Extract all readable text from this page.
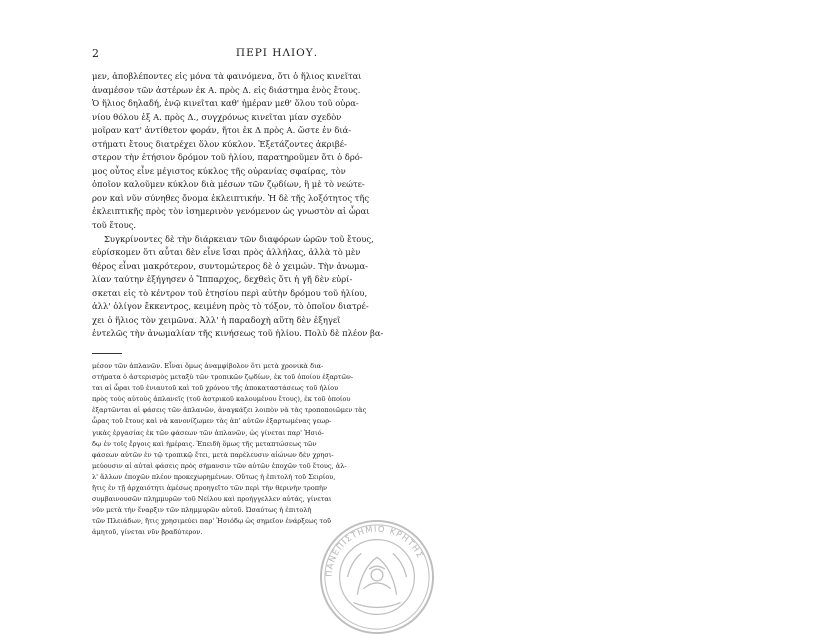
2	ΠΕΡΙ ΗΛΙΟΥ.

μεν, ἀποβλέποντες εἰς μόνα τὰ φαινόμενα, ὅτι ὁ ἥλιος κινεῖται
ἀναμέσον τῶν ἀστέρων ἐκ Α. πρὸς Δ. εἰς διάστημα ἑνὸς ἔτους.
Ὁ ἥλιος δηλαδή, ἐνῷ κινεῖται καθ' ἡμέραν μεθ' ὅλου τοῦ οὐρα-
νίου θόλου ἐξ Α. πρὸς Δ., συγχρόνως κινεῖται μίαν σχεδὸν
μοῖραν κατ' ἀντίθετον φοράν, ἤτοι ἐκ Δ πρὸς Α. ὥστε ἐν διά-
στήματι ἔτους διατρέχει ὅλον κύκλον. Ἐξετάζοντες ἀκριβέ-
στερον τὴν ἐτήσιον δρόμον τοῦ ἡλίου, παρατηροῦμεν ὅτι ὁ δρό-
μος οὗτος εἶνε μέγιστος κύκλος τῆς οὐρανίας σφαίρας, τὸν
ὁποῖον καλοῦμεν κύκλον διὰ μέσων τῶν ζῳδίων, ἢ μὲ τὸ νεώτε-
ρον καὶ νῦν σύνηθες ὄνομα ἐκλειπτικήν. Ἡ δὲ τῆς λοξότητος τῆς
ἐκλειπτικῆς πρὸς τὸν ἰσημερινὸν γενόμενον ὡς γνωστὸν αἱ ὧραι
τοῦ ἔτους.

Συγκρίνοντες δὲ τὴν διάρκειαν τῶν διαφόρων ὡρῶν τοῦ ἔτους,
εὑρίσκομεν ὅτι αὗται δὲν εἶνε ἴσαι πρὸς ἀλλήλας, ἀλλὰ τὸ μὲν
θέρος εἶναι μακρότερον, συντομώτερος δὲ ὁ χειμών. Τὴν ἀνωμα-
λίαν ταύτην ἐξήγησεν ὁ Ἵππαρχος, δεχθεὶς ὅτι ἡ γῆ δὲν εὑρί-
σκεται εἰς τὸ κέντρον τοῦ ἐτησίου περὶ αὐτὴν δρόμου τοῦ ἡλίου,
ἀλλ' ὀλίγον ἔκκεντρος, κειμένη πρὸς τὸ τόξον, τὸ ὁποῖον διατρέ-
χει ὁ ἥλιος τὸν χειμῶνα. Ἀλλ' ἡ παραδοχὴ αὕτη δὲν ἐξηγεῖ
ἐντελῶς τὴν ἀνωμαλίαν τῆς κινήσεως τοῦ ἡλίου. Πολὺ δὲ πλέον βα-

μέσον τῶν ἀπλανῶν. Εἶναι ὅμως ἀναμφίβολον ὅτι μετὰ χρονικὰ δια-
στήματα ὁ ἀστερισμὸς μεταξὺ τῶν τροπικῶν ζῳδίων, ἐκ τοῦ ὁποίου ἐξαρτῶν-
ται αἱ ὧραι τοῦ ἐνιαυτοῦ καὶ τοῦ χρόνου τῆς ἀποκαταστάσεως τοῦ ἡλίου
πρὸς τοὺς αὐτοὺς ἀπλανεῖς (τοῦ ἀστρικοῦ καλουμένου ἔτους), ἐκ τοῦ ὁποίου
ἐξαρτῶνται αἱ φάσεις τῶν ἀπλανῶν, ἀναγκάζει λοιπὸν νὰ τὰς τροποποιῶμεν τὰς
ὧρας τοῦ ἔτους καὶ νὰ κανονίζωμεν τὰς ἀπ' αὐτῶν ἐξαρτωμένας γεωρ-
γικὰς ἐργασίας ἐκ τῶν φάσεων τῶν ἀπλανῶν, ὡς γίνεται παρ' Ἡσιό-
δῳ ἐν τοῖς ἔργοις καὶ ἡμέραις. Ἐπειδὴ ὅμως τῆς μεταπτώσεως τῶν
φάσεων αὐτῶν ἐν τῷ τροπικῷ ἔτει, μετὰ παρέλευσιν αἰώνων δὲν χρησι-
μεύουσιν αἱ αὐταὶ φάσεις πρὸς σήμανσιν τῶν αὐτῶν ἐποχῶν τοῦ ἔτους, ἀλ-
λ' ἄλλων ἐποχῶν πλέον προκεχωρημένων. Οὕτως ἡ ἐπιτολὴ τοῦ Σειρίου,
ἥτις ἐν τῇ ἀρχαιότητι ἀμέσως προηγεῖτο τῶν περὶ τὴν θερινὴν τροπὴν
συμβαινουσῶν πλημμυρῶν τοῦ Νείλου καὶ προήγγελλεν αὐτάς, γίνεται
νῦν μετὰ τὴν ἔναρξιν τῶν πλημμυρῶν αὐτοῦ. Ὡσαύτως ἡ ἐπιτολὴ
τῶν Πλειάδων, ἥτις χρησιμεύει παρ' Ἡσιόδῳ ὡς σημεῖον ἐνάρξεως τοῦ
ἀμητοῦ, γίνεται νῦν βραδύτερον.
ΠΑΝΕΠΙΣΤΗΜΙΟ ΚΡΗΤΗΣ
